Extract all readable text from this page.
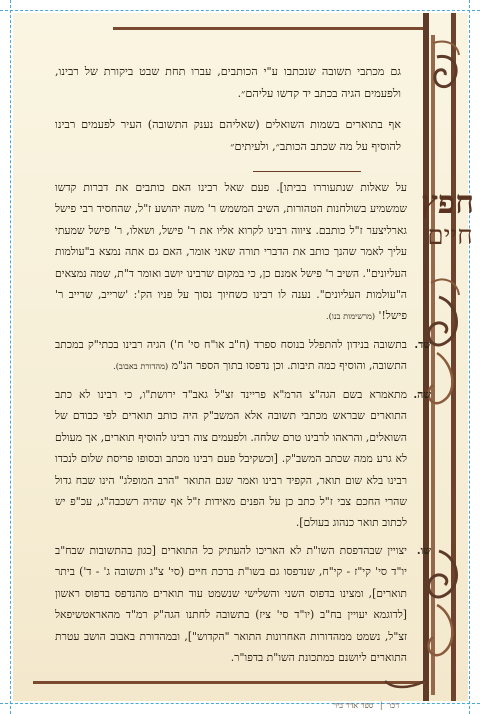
חפץ
חיים

גם מכתבי תשובה שנכתבו ע"י הכותבים, עברו תחת שבט ביקורת של רבינו, ולפעמים הגיה בכתב יד קדשו עליהם״.

אף בתוארים בשמות השואלים (שאליהם נענק התשובה) העיר לפעמים רבינו להוסיף על מה שכתב הכותב״, ולעיתים״

על שאלות שנתעוררו בביתו]. פעם שאל רבינו האם כותבים את דברות קדשו שמשמיע בשולחנות הטהורות, השיב המשמש ר' משה יהושע ז"ל, שהחסיד רבי פישל גארליצער ז"ל כותבם. ציווה רבינו לקרוא אליו את ר' פישל, ושאלו, ר' פישל שמעתי עליך לאמר שהנך כותב את הדברי תורה שאני אומר, האם גם אתה נמצא ב"עולמות העליונים". השיב ר' פישל אמנם כן, כי במקום שרבינו יושב ואומר ד"ת, שמה נמצאים ה"עולמות העליונים". נענה לו רבינו כשחיוך נסוך על פניו הק': 'שרייב, שרייב ר' פישל!' (מרשימות בנו).
שד.
בתשובה בנידון להתפלל בנוסח ספרד (ח"ב או"ח סי' ח') הגיה רבינו בכתי"ק במכתב התשובה, והוסיף כמה תיבות. וכן נדפסו בתוך הספר הנ"מ (מהדורת באבוב).
שה.
מתאמרא בשם הגה"צ הרמ"א פריינד זצ"ל גאב"ד ירושת"ו, כי רבינו לא כתב התוארים שבראש מכתבי תשובה אלא המשב"ק היה כותב תוארים לפי כבודם של השואלים, והראהו לרבינו טרם שלחה. ולפעמים צוה רבינו להוסיף תוארים, אך מעולם לא גרע ממה שכתב המשב"ק. [וכשקיבל פעם רבינו מכתב ובסופו פריסת שלום לנכדו רבינו בלא שום תואר, הקפיד רבינו ואמר שגם התואר "הרב המופלג" הינו שבח גדול שהרי החכם צבי ז"ל כתב כן על הפנים מאידות ז"ל אף שהיה רשכבה"ג, עכ"פ יש לכתוב תואר כנהוג בעולם].
שו.
יצויין שבהדפסת השו"ת לא האריכו להעתיק כל התוארים [כגון בהתשובות שבח"ב יו"ד סי' קי"ז - קי"ח, שנדפסו גם בשו"ת ברכת חיים (סי' צ"ג ותשובה ג' - ד') ביתר תוארים], ומצינו בדפוס השני והשלישי שנשמט עוד תוארים מהנדפס בדפוס ראשון [לדוגמא יעויין בח"ב (יו"ד סי' ציז) בתשובה לחתנו הגה"ק רמ"ד מהאראטשיפאל זצ"ל, נשמט ממהדורות האחרונות התואר "הקדוש"], ובמהדורת באבוב הושב עטרת התוארים ליושנם כמתכונת השו"ת בדפו"ר.
רכו | ספר אדר ביר
